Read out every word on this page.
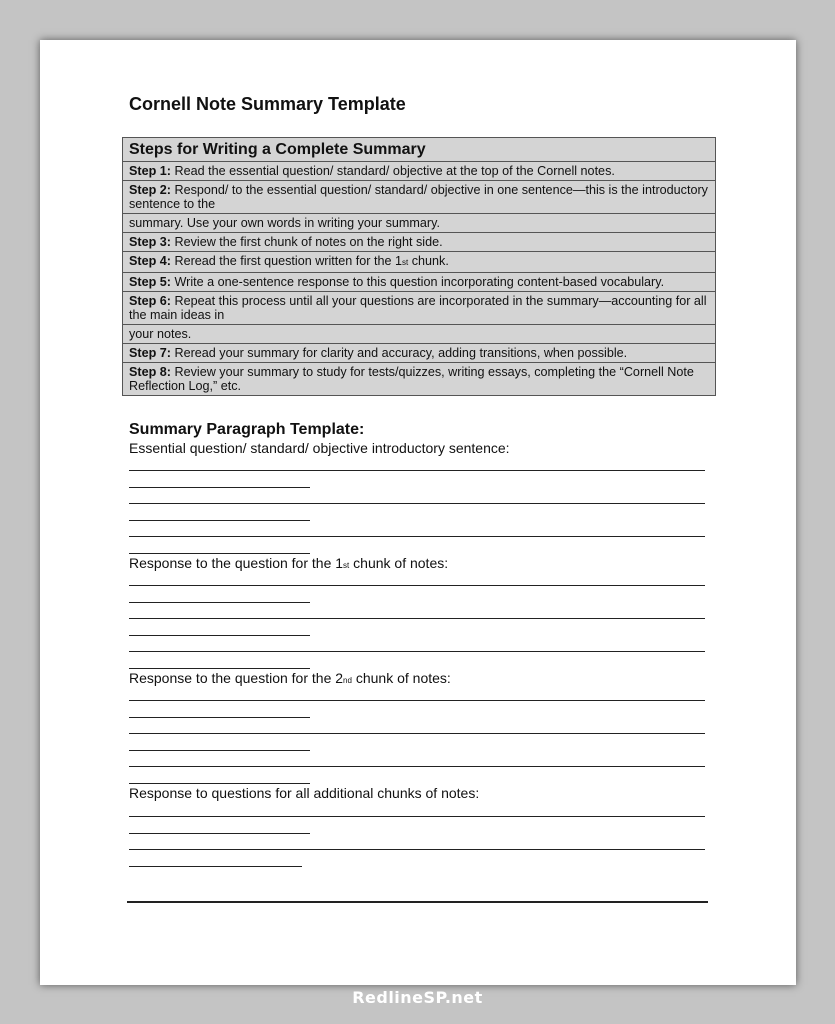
Cornell Note Summary Template
Steps for Writing a Complete Summary
Step 1: Read the essential question/ standard/ objective at the top of the Cornell notes.
Step 2: Respond/ to the essential question/ standard/ objective in one sentence—this is the introductory sentence to the
summary. Use your own words in writing your summary.
Step 3: Review the first chunk of notes on the right side.
Step 4: Reread the first question written for the 1st chunk.
Step 5: Write a one-sentence response to this question incorporating content-based vocabulary.
Step 6: Repeat this process until all your questions are incorporated in the summary—accounting for all the main ideas in
your notes.
Step 7: Reread your summary for clarity and accuracy, adding transitions, when possible.
Step 8: Review your summary to study for tests/quizzes, writing essays, completing the “Cornell Note Reflection Log,” etc.
Summary Paragraph Template:
Essential question/ standard/ objective introductory sentence:
Response to the question for the 1st chunk of notes:
Response to the question for the 2nd chunk of notes:
Response to questions for all additional chunks of notes:
RedlineSP.net
